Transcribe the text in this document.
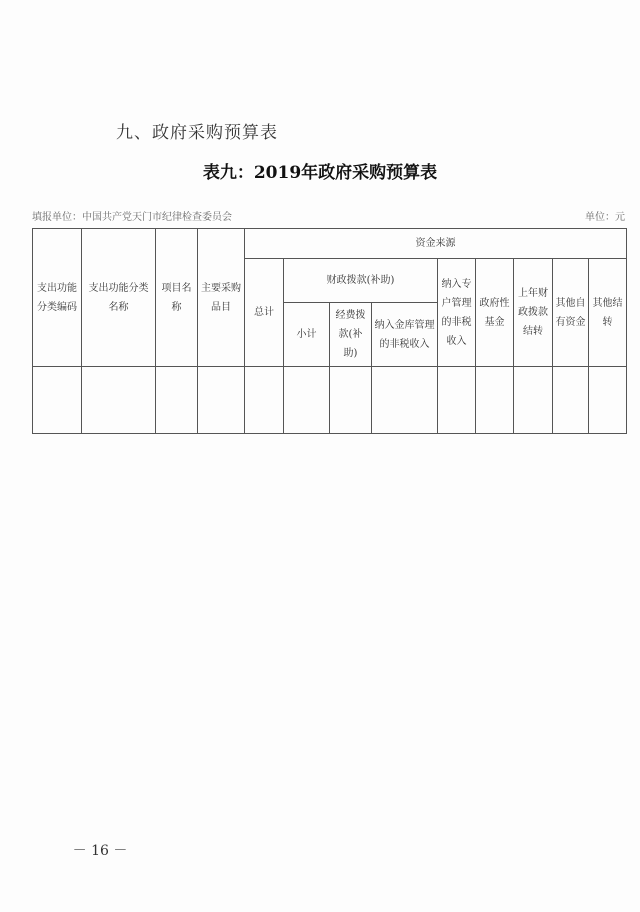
九、政府采购预算表
表九：2019年政府采购预算表
填报单位：中国共产党天门市纪律检查委员会	单位：元
支出功能分类编码	支出功能分类名称	项目名称	主要采购品目	资金来源								
				总计	财政拨款(补助)			纳入专户管理的非税收入	政府性基金	上年财政拨款结转	其他自有资金	其他结转
					小计	经费拨款(补助)	纳入金库管理的非税收入					

－ 16 －
